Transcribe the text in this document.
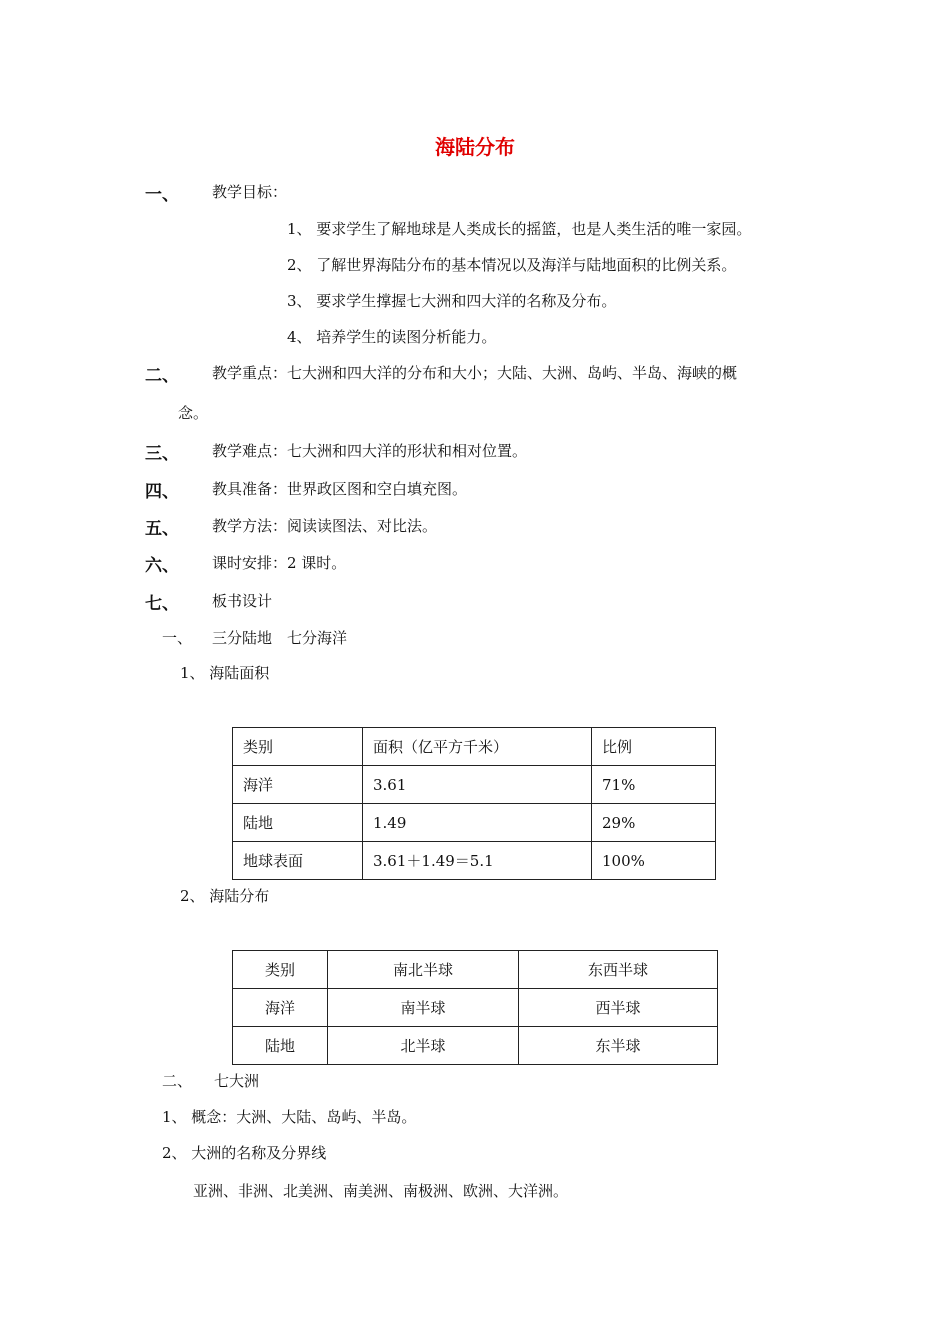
海陆分布
一、 教学目标：
1、 要求学生了解地球是人类成长的摇篮，也是人类生活的唯一家园。
2、 了解世界海陆分布的基本情况以及海洋与陆地面积的比例关系。
3、 要求学生撑握七大洲和四大洋的名称及分布。
4、 培养学生的读图分析能力。
二、 教学重点：七大洲和四大洋的分布和大小；大陆、大洲、岛屿、半岛、海峡的概
念。
三、 教学难点：七大洲和四大洋的形状和相对位置。
四、 教具准备：世界政区图和空白填充图。
五、 教学方法：阅读读图法、对比法。
六、 课时安排：2 课时。
七、 板书设计
一、 三分陆地　七分海洋
1、 海陆面积
类别	面积（亿平方千米）	比例
海洋	3.61	71%
陆地	1.49	29%
地球表面	3.61＋1.49＝5.1	100%
2、 海陆分布
类别	南北半球	东西半球
海洋	南半球	西半球
陆地	北半球	东半球
二、 七大洲
1、 概念：大洲、大陆、岛屿、半岛。
2、 大洲的名称及分界线
亚洲、非洲、北美洲、南美洲、南极洲、欧洲、大洋洲。
